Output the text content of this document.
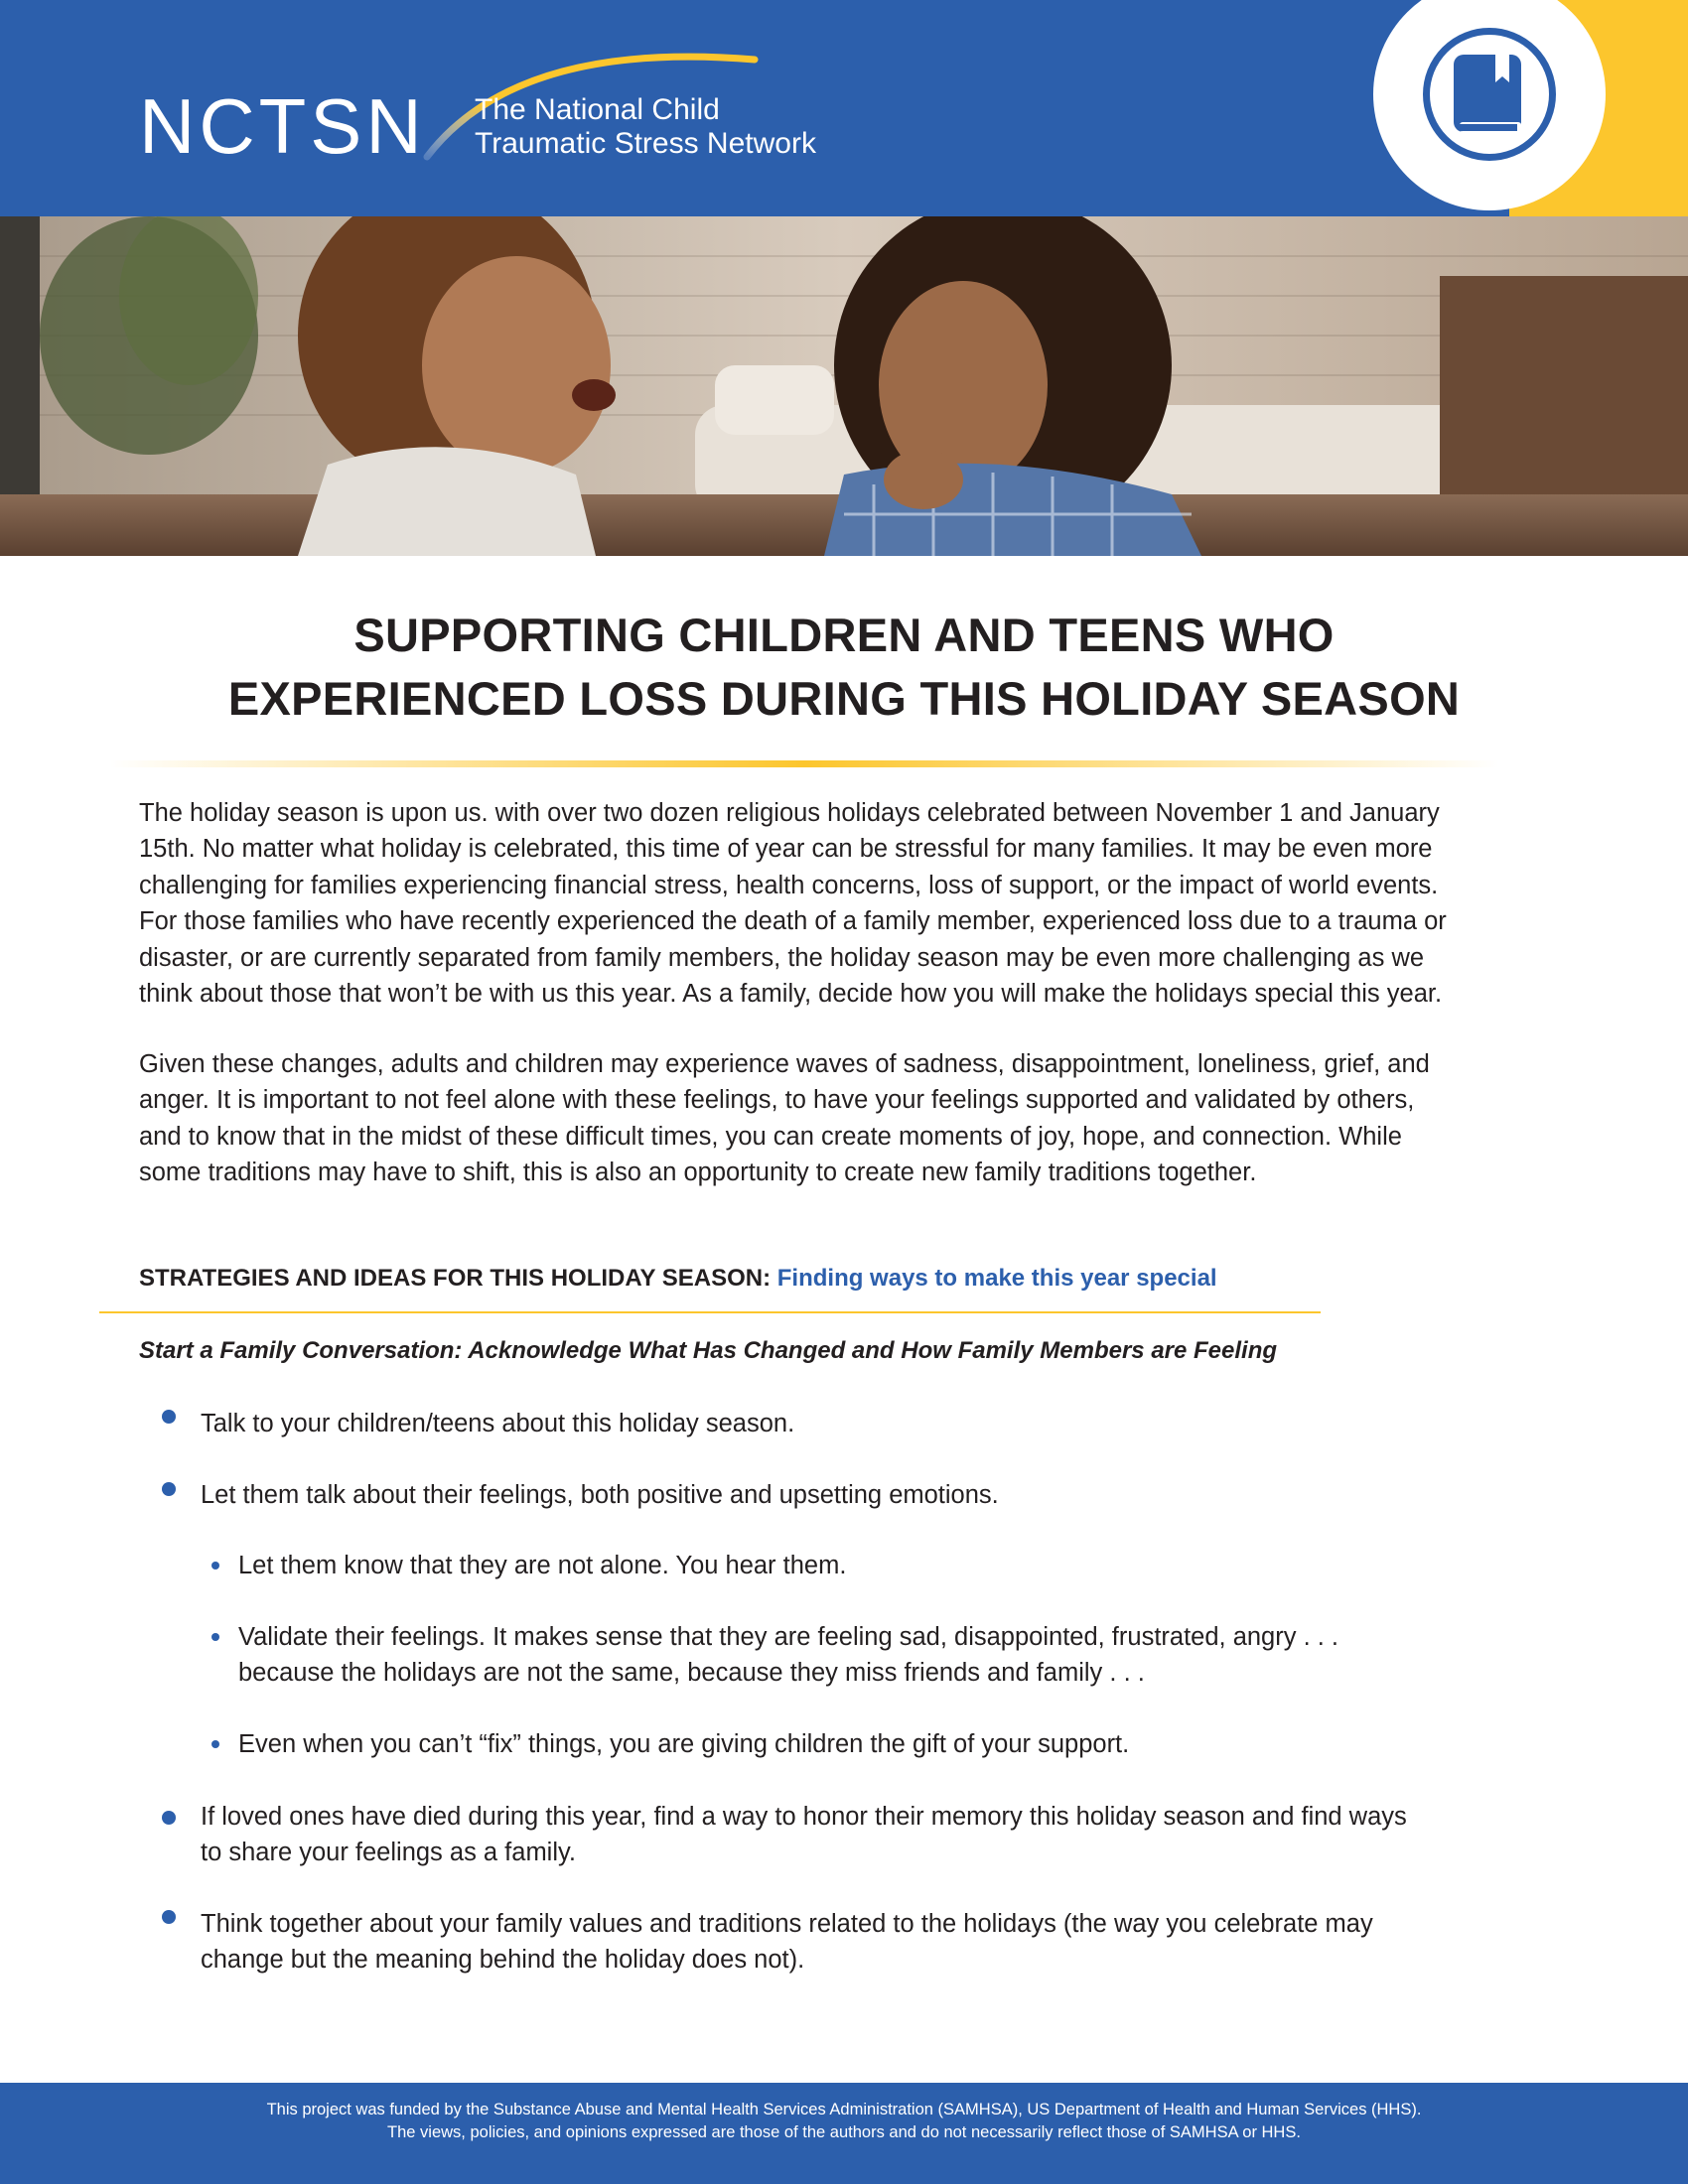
NCTSN The National Child
Traumatic Stress Network
SUPPORTING CHILDREN AND TEENS WHO
EXPERIENCED LOSS DURING THIS HOLIDAY SEASON
The holiday season is upon us. with over two dozen religious holidays celebrated between November 1 and January
15th. No matter what holiday is celebrated, this time of year can be stressful for many families. It may be even more
challenging for families experiencing financial stress, health concerns, loss of support, or the impact of world events.
For those families who have recently experienced the death of a family member, experienced loss due to a trauma or
disaster, or are currently separated from family members, the holiday season may be even more challenging as we
think about those that won’t be with us this year. As a family, decide how you will make the holidays special this year.
Given these changes, adults and children may experience waves of sadness, disappointment, loneliness, grief, and
anger. It is important to not feel alone with these feelings, to have your feelings supported and validated by others,
and to know that in the midst of these difficult times, you can create moments of joy, hope, and connection. While
some traditions may have to shift, this is also an opportunity to create new family traditions together.
STRATEGIES AND IDEAS FOR THIS HOLIDAY SEASON: Finding ways to make this year special
Start a Family Conversation: Acknowledge What Has Changed and How Family Members are Feeling
Talk to your children/teens about this holiday season.
Let them talk about their feelings, both positive and upsetting emotions.
Let them know that they are not alone. You hear them.
Validate their feelings. It makes sense that they are feeling sad, disappointed, frustrated, angry . . .
because the holidays are not the same, because they miss friends and family . . .
Even when you can’t “fix” things, you are giving children the gift of your support.
If loved ones have died during this year, find a way to honor their memory this holiday season and find ways
to share your feelings as a family.
Think together about your family values and traditions related to the holidays (the way you celebrate may
change but the meaning behind the holiday does not).
This project was funded by the Substance Abuse and Mental Health Services Administration (SAMHSA), US Department of Health and Human Services (HHS).
The views, policies, and opinions expressed are those of the authors and do not necessarily reflect those of SAMHSA or HHS.
